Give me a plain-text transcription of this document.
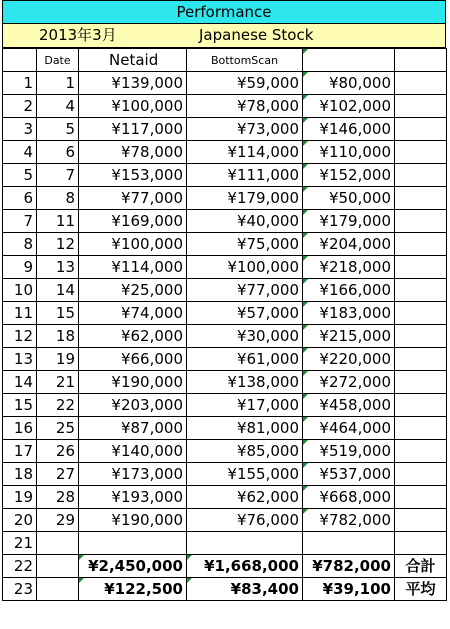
Performance
2013年3月	Japanese Stock
	Date	Netaid	BottomScan		
1	1	¥139,000	¥59,000	¥80,000	
2	4	¥100,000	¥78,000	¥102,000	
3	5	¥117,000	¥73,000	¥146,000	
4	6	¥78,000	¥114,000	¥110,000	
5	7	¥153,000	¥111,000	¥152,000	
6	8	¥77,000	¥179,000	¥50,000	
7	11	¥169,000	¥40,000	¥179,000	
8	12	¥100,000	¥75,000	¥204,000	
9	13	¥114,000	¥100,000	¥218,000	
10	14	¥25,000	¥77,000	¥166,000	
11	15	¥74,000	¥57,000	¥183,000	
12	18	¥62,000	¥30,000	¥215,000	
13	19	¥66,000	¥61,000	¥220,000	
14	21	¥190,000	¥138,000	¥272,000	
15	22	¥203,000	¥17,000	¥458,000	
16	25	¥87,000	¥81,000	¥464,000	
17	26	¥140,000	¥85,000	¥519,000	
18	27	¥173,000	¥155,000	¥537,000	
19	28	¥193,000	¥62,000	¥668,000	
20	29	¥190,000	¥76,000	¥782,000	
21					
22		¥2,450,000	¥1,668,000	¥782,000	合計
23		¥122,500	¥83,400	¥39,100	平均
